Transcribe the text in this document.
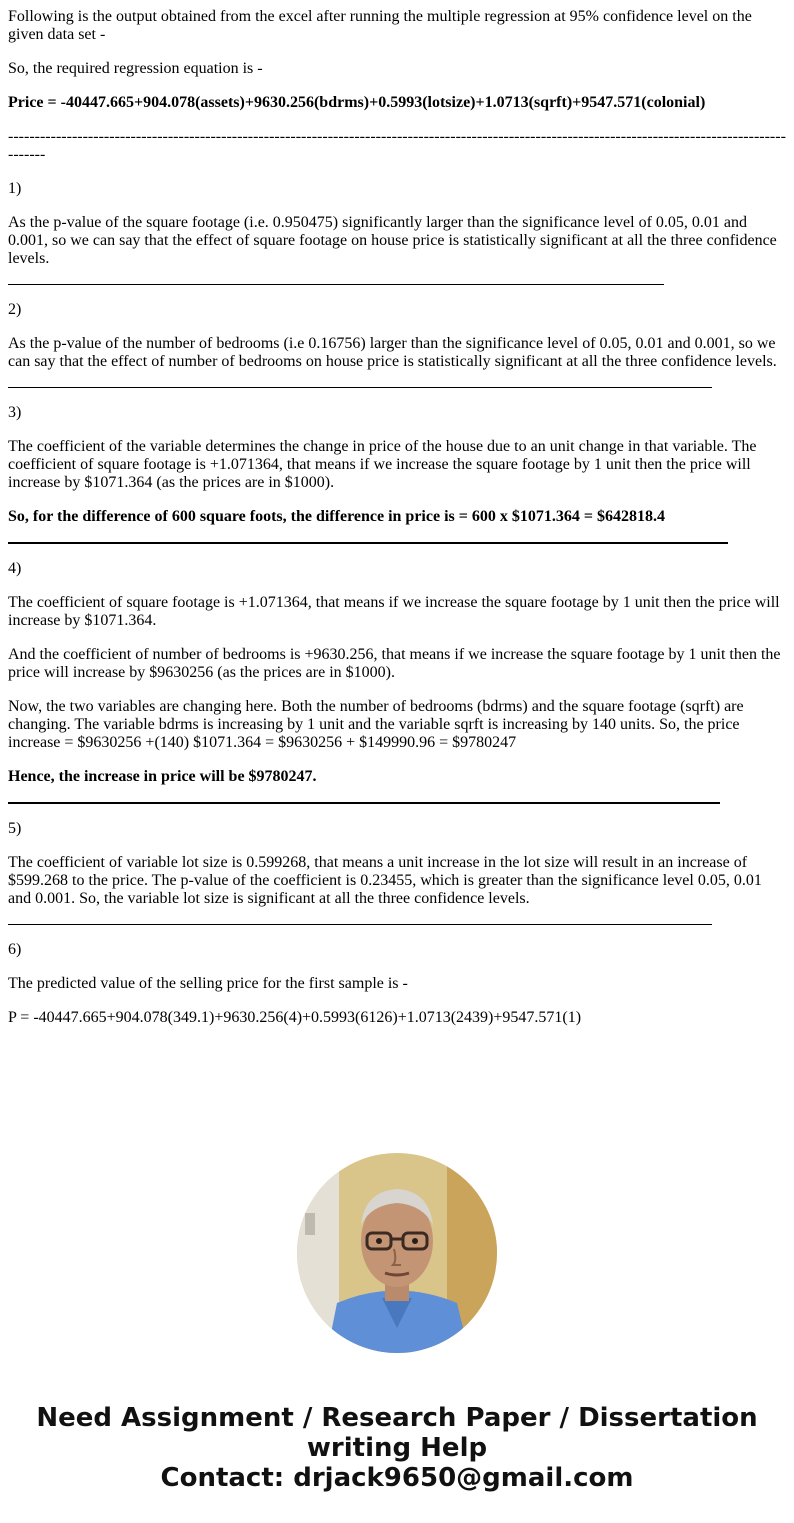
Following is the output obtained from the excel after running the multiple regression at 95% confidence level on the given data set -

So, the required regression equation is -

Price = -40447.665+904.078(assets)+9630.256(bdrms)+0.5993(lotsize)+1.0713(sqrft)+9547.571(colonial)

---------------------------------------------------------------------------------------------------------------------------------------------------------

1)

As the p-value of the square footage (i.e. 0.950475) significantly larger than the significance level of 0.05, 0.01 and 0.001, so we can say that the effect of square footage on house price is statistically significant at all the three confidence levels.

2)

As the p-value of the number of bedrooms (i.e 0.16756) larger than the significance level of 0.05, 0.01 and 0.001, so we can say that the effect of number of bedrooms on house price is statistically significant at all the three confidence levels.

3)

The coefficient of the variable determines the change in price of the house due to an unit change in that variable. The coefficient of square footage is +1.071364, that means if we increase the square footage by 1 unit then the price will increase by $1071.364 (as the prices are in $1000).

So, for the difference of 600 square foots, the difference in price is = 600 x $1071.364 = $642818.4

4)

The coefficient of square footage is +1.071364, that means if we increase the square footage by 1 unit then the price will increase by $1071.364.

And the coefficient of number of bedrooms is +9630.256, that means if we increase the square footage by 1 unit then the price will increase by $9630256 (as the prices are in $1000).

Now, the two variables are changing here. Both the number of bedrooms (bdrms) and the square footage (sqrft) are changing. The variable bdrms is increasing by 1 unit and the variable sqrft is increasing by 140 units. So, the price increase = $9630256 +(140) $1071.364 = $9630256 + $149990.96 = $9780247

Hence, the increase in price will be $9780247.

5)

The coefficient of variable lot size is 0.599268, that means a unit increase in the lot size will result in an increase of $599.268 to the price. The p-value of the coefficient is 0.23455, which is greater than the significance level 0.05, 0.01 and 0.001. So, the variable lot size is significant at all the three confidence levels.

6)

The predicted value of the selling price for the first sample is -

P = -40447.665+904.078(349.1)+9630.256(4)+0.5993(6126)+1.0713(2439)+9547.571(1)

Need Assignment / Research Paper / Dissertation
writing Help
Contact: drjack9650@gmail.com
